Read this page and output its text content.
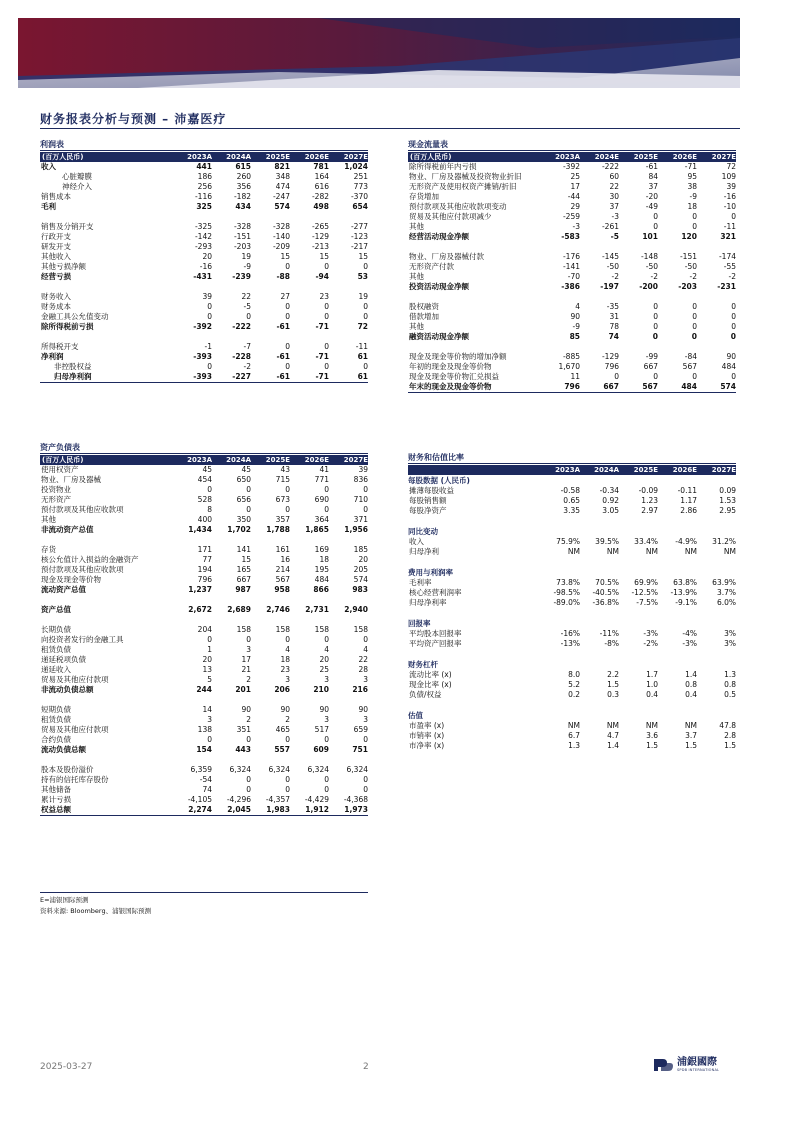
财务报表分析与预测 – 沛嘉医疗
利润表
(百万人民币)	2023A	2024A	2025E	2026E	2027E
收入	441	615	821	781	1,024
心脏瓣膜	186	260	348	164	251
神经介入	256	356	474	616	773
销售成本	-116	-182	-247	-282	-370
毛利	325	434	574	498	654
销售及分销开支	-325	-328	-328	-265	-277
行政开支	-142	-151	-140	-129	-123
研发开支	-293	-203	-209	-213	-217
其他收入	20	19	15	15	15
其他亏损净额	-16	-9	0	0	0
经营亏损	-431	-239	-88	-94	53
财务收入	39	22	27	23	19
财务成本	0	-5	0	0	0
金融工具公允值变动	0	0	0	0	0
除所得税前亏损	-392	-222	-61	-71	72
所得税开支	-1	-7	0	0	-11
净利润	-393	-228	-61	-71	61
非控股权益	0	-2	0	0	0
归母净利润	-393	-227	-61	-71	61
现金流量表
(百万人民币)	2023A	2024E	2025E	2026E	2027E
除所得税前年内亏损	-392	-222	-61	-71	72
物业、厂房及器械及投资物业折旧	25	60	84	95	109
无形资产及使用权资产摊销/折旧	17	22	37	38	39
存货增加	-44	30	-20	-9	-16
预付款项及其他应收款项变动	29	37	-49	18	-10
贸易及其他应付款项减少	-259	-3	0	0	0
其他	-3	-261	0	0	-11
经营活动现金净额	-583	-5	101	120	321
物业、厂房及器械付款	-176	-145	-148	-151	-174
无形资产付款	-141	-50	-50	-50	-55
其他	-70	-2	-2	-2	-2
投资活动现金净额	-386	-197	-200	-203	-231
股权融资	4	-35	0	0	0
借款增加	90	31	0	0	0
其他	-9	78	0	0	0
融资活动现金净额	85	74	0	0	0
现金及现金等价物的增加净额	-885	-129	-99	-84	90
年初的现金及现金等价物	1,670	796	667	567	484
现金及现金等价物汇兑损益	11	0	0	0	0
年末的现金及现金等价物	796	667	567	484	574
资产负债表
(百万人民币)	2023A	2024A	2025E	2026E	2027E
使用权资产	45	45	43	41	39
物业、厂房及器械	454	650	715	771	836
投资物业	0	0	0	0	0
无形资产	528	656	673	690	710
预付款项及其他应收款项	8	0	0	0	0
其他	400	350	357	364	371
非流动资产总值	1,434	1,702	1,788	1,865	1,956
存货	171	141	161	169	185
核公允值计入损益的金融资产	77	15	16	18	20
预付款项及其他应收款项	194	165	214	195	205
现金及现金等价物	796	667	567	484	574
流动资产总值	1,237	987	958	866	983
资产总值	2,672	2,689	2,746	2,731	2,940
长期负债	204	158	158	158	158
向投资者发行的金融工具	0	0	0	0	0
租赁负债	1	3	4	4	4
递延税项负债	20	17	18	20	22
递延收入	13	21	23	25	28
贸易及其他应付款项	5	2	3	3	3
非流动负债总额	244	201	206	210	216
短期负债	14	90	90	90	90
租赁负债	3	2	2	3	3
贸易及其他应付款项	138	351	465	517	659
合约负债	0	0	0	0	0
流动负债总额	154	443	557	609	751
股本及股份溢价	6,359	6,324	6,324	6,324	6,324
持有的信托库存股份	-54	0	0	0	0
其他储备	74	0	0	0	0
累计亏损	-4,105	-4,296	-4,357	-4,429	-4,368
权益总额	2,274	2,045	1,983	1,912	1,973
财务和估值比率
2023A	2024A	2025E	2026E	2027E
每股数据 (人民币)
摊薄每股收益	-0.58	-0.34	-0.09	-0.11	0.09
每股销售额	0.65	0.92	1.23	1.17	1.53
每股净资产	3.35	3.05	2.97	2.86	2.95
同比变动
收入	75.9%	39.5%	33.4%	-4.9%	31.2%
归母净利	NM	NM	NM	NM	NM
费用与利润率
毛利率	73.8%	70.5%	69.9%	63.8%	63.9%
核心经营利润率	-98.5%	-40.5%	-12.5%	-13.9%	3.7%
归母净利率	-89.0%	-36.8%	-7.5%	-9.1%	6.0%
回报率
平均股本回报率	-16%	-11%	-3%	-4%	3%
平均资产回报率	-13%	-8%	-2%	-3%	3%
财务杠杆
流动比率 (x)	8.0	2.2	1.7	1.4	1.3
现金比率 (x)	5.2	1.5	1.0	0.8	0.8
负债/权益	0.2	0.3	0.4	0.4	0.5
估值
市盈率 (x)	NM	NM	NM	NM	47.8
市销率 (x)	6.7	4.7	3.6	3.7	2.8
市净率 (x)	1.3	1.4	1.5	1.5	1.5
E=浦银国际预测
资料来源: Bloomberg、浦银国际预测
2025-03-27	2	浦銀國際
SPDB INTERNATIONAL
